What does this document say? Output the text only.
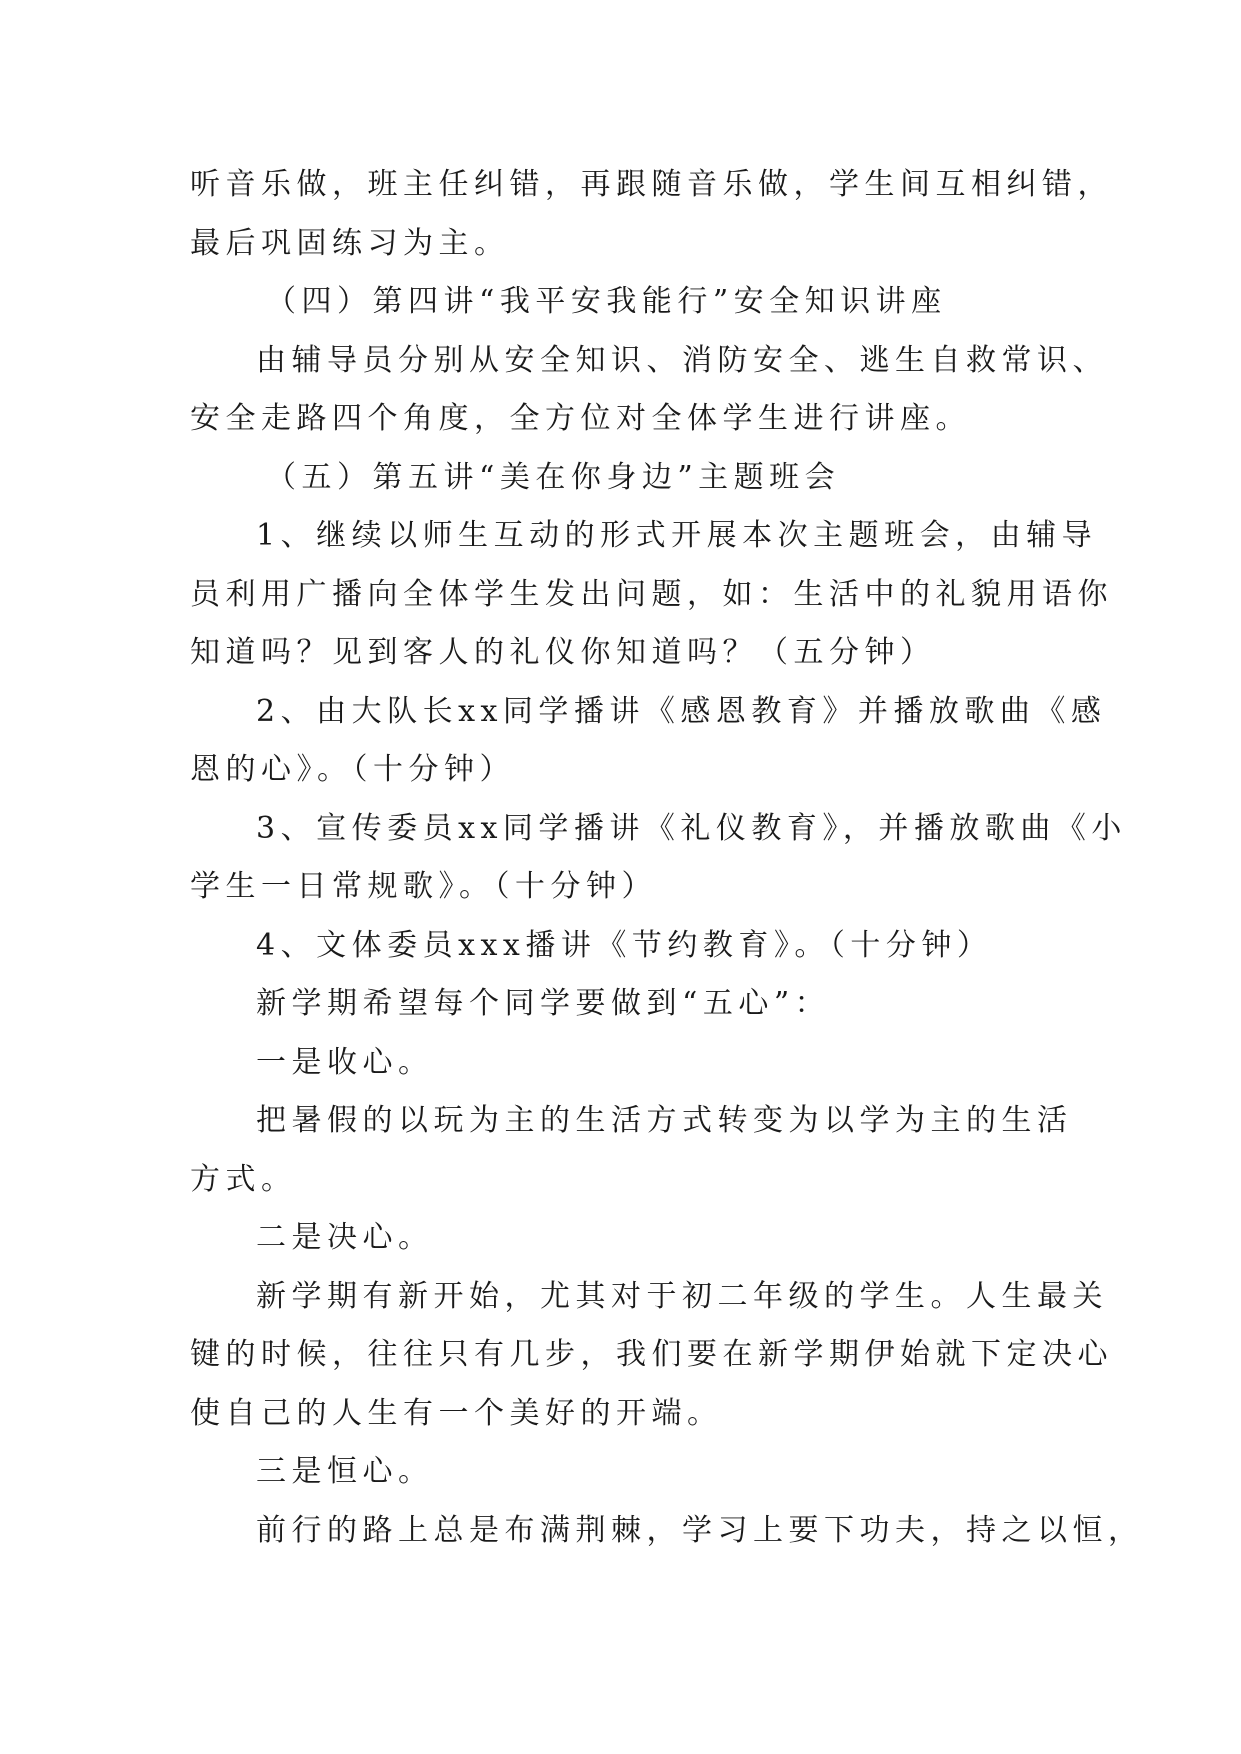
听音乐做，班主任纠错，再跟随音乐做，学生间互相纠错，

最后巩固练习为主。

（四）第四讲“我平安我能行”安全知识讲座

由辅导员分别从安全知识、消防安全、逃生自救常识、

安全走路四个角度，全方位对全体学生进行讲座。

（五）第五讲“美在你身边”主题班会

1、继续以师生互动的形式开展本次主题班会，由辅导

员利用广播向全体学生发出问题，如：生活中的礼貌用语你

知道吗？见到客人的礼仪你知道吗？（五分钟）

2、由大队长xx同学播讲《感恩教育》并播放歌曲《感

恩的心》。（十分钟）

3、宣传委员xx同学播讲《礼仪教育》，并播放歌曲《小

学生一日常规歌》。（十分钟）

4、文体委员xxx播讲《节约教育》。（十分钟）

新学期希望每个同学要做到“五心”：

一是收心。

把暑假的以玩为主的生活方式转变为以学为主的生活

方式。

二是决心。

新学期有新开始，尤其对于初二年级的学生。人生最关

键的时候，往往只有几步，我们要在新学期伊始就下定决心

使自己的人生有一个美好的开端。

三是恒心。

前行的路上总是布满荆棘，学习上要下功夫，持之以恒，
